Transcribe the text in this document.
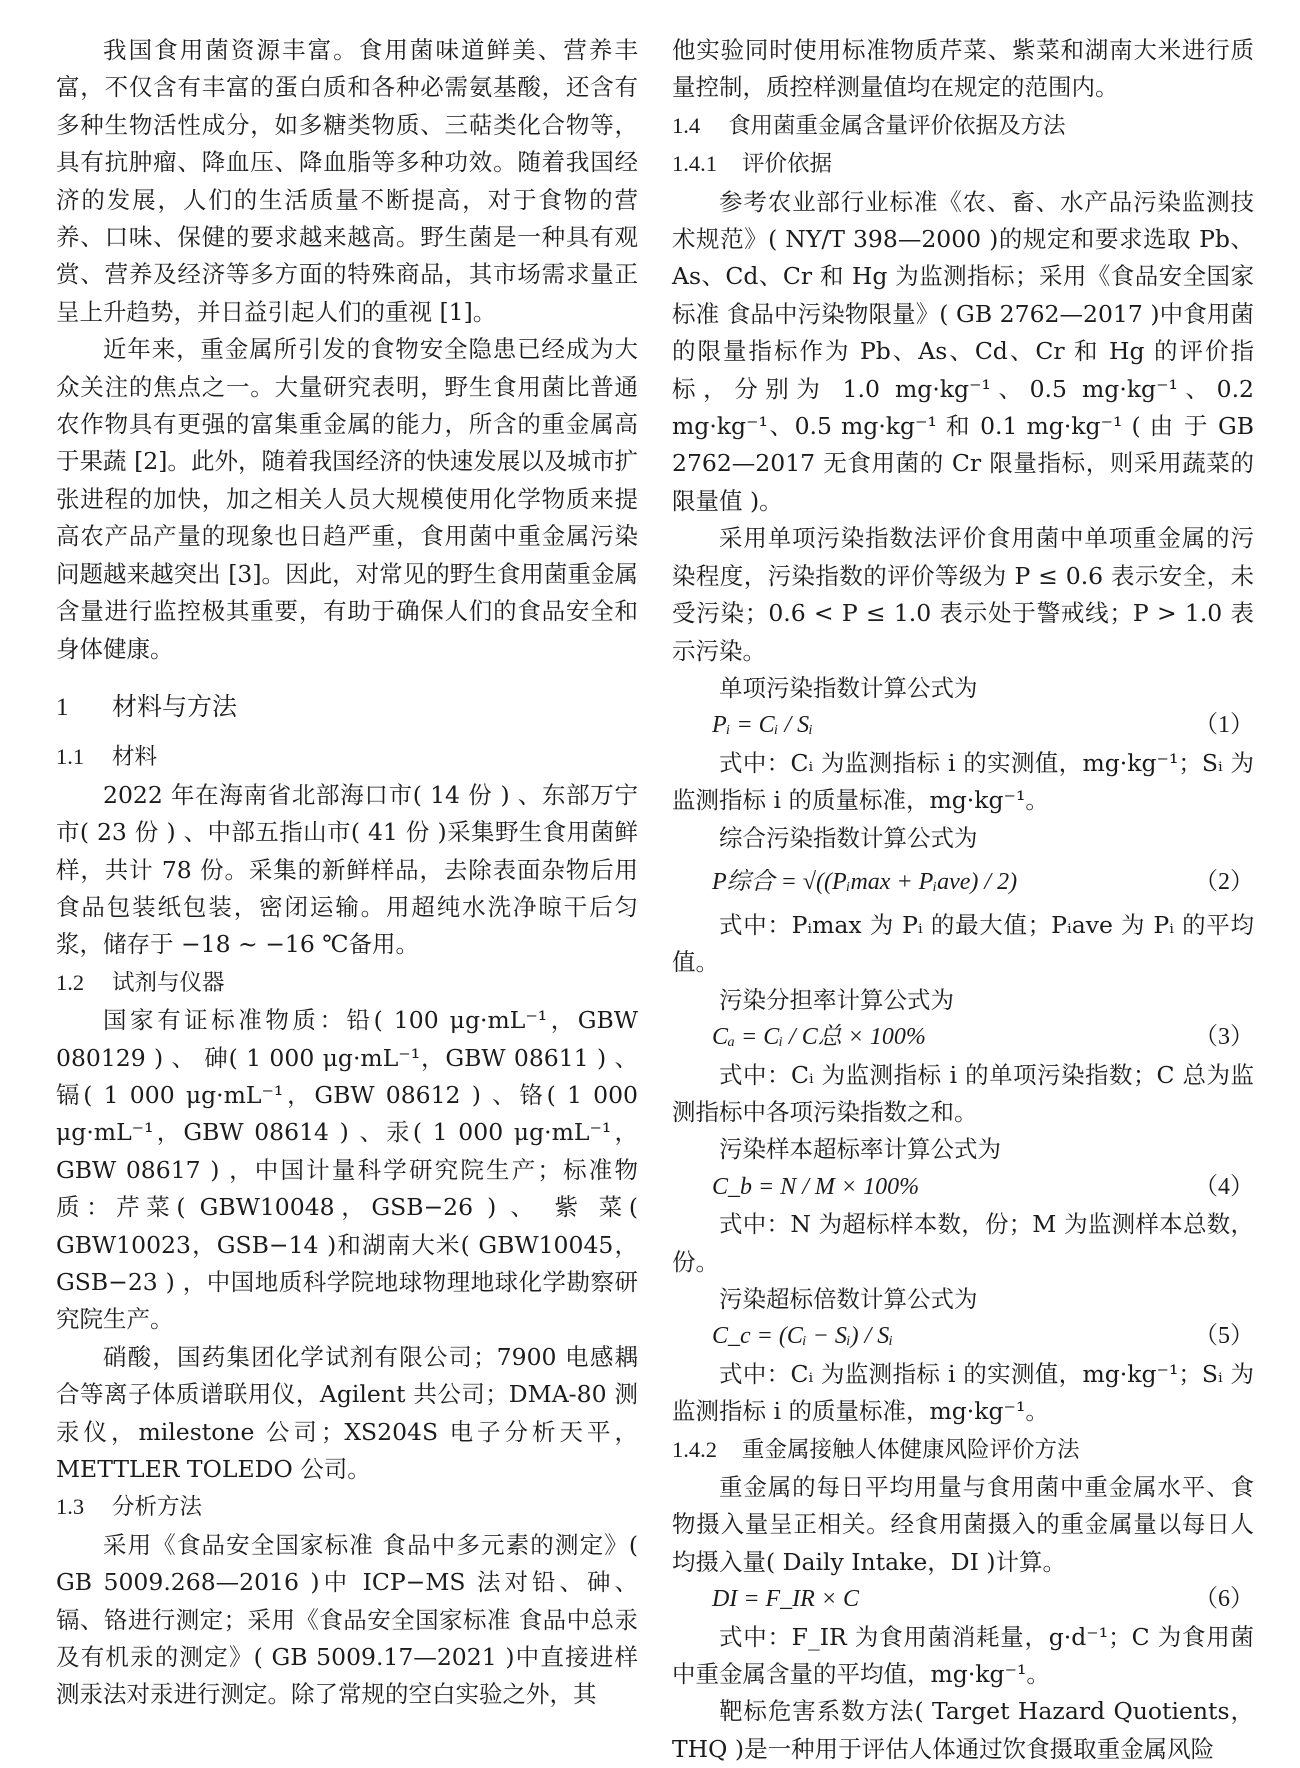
我国食用菌资源丰富。食用菌味道鲜美、营养丰富，不仅含有丰富的蛋白质和各种必需氨基酸，还含有多种生物活性成分，如多糖类物质、三萜类化合物等，具有抗肿瘤、降血压、降血脂等多种功效。随着我国经济的发展，人们的生活质量不断提高，对于食物的营养、口味、保健的要求越来越高。野生菌是一种具有观赏、营养及经济等多方面的特殊商品，其市场需求量正呈上升趋势，并日益引起人们的重视 [1]。

近年来，重金属所引发的食物安全隐患已经成为大众关注的焦点之一。大量研究表明，野生食用菌比普通农作物具有更强的富集重金属的能力，所含的重金属高于果蔬 [2]。此外，随着我国经济的快速发展以及城市扩张进程的加快，加之相关人员大规模使用化学物质来提高农产品产量的现象也日趋严重，食用菌中重金属污染问题越来越突出 [3]。因此，对常见的野生食用菌重金属含量进行监控极其重要，有助于确保人们的食品安全和身体健康。

1 材料与方法
1.1 材料

2022 年在海南省北部海口市( 14 份 ) 、东部万宁市( 23 份 ) 、中部五指山市( 41 份 )采集野生食用菌鲜样，共计 78 份。采集的新鲜样品，去除表面杂物后用食品包装纸包装，密闭运输。用超纯水洗净晾干后匀浆，储存于 −18 ~ −16 ℃备用。

1.2 试剂与仪器

国家有证标准物质：铅( 100 μg·mL⁻¹，GBW 080129 ) 、 砷( 1 000 μg·mL⁻¹，GBW 08611 ) 、 镉( 1 000 μg·mL⁻¹，GBW 08612 ) 、铬( 1 000 μg·mL⁻¹，GBW 08614 ) 、汞( 1 000 μg·mL⁻¹，GBW 08617 ) ，中国计量科学研究院生产；标准物质：芹菜( GBW10048，GSB−26 ) 、 紫 菜( GBW10023，GSB−14 )和湖南大米( GBW10045，GSB−23 ) ，中国地质科学院地球物理地球化学勘察研究院生产。

硝酸，国药集团化学试剂有限公司；7900 电感耦合等离子体质谱联用仪，Agilent 共公司；DMA-80 测汞仪，milestone 公司；XS204S 电子分析天平，METTLER TOLEDO 公司。

1.3 分析方法

采用《食品安全国家标准 食品中多元素的测定》( GB 5009.268—2016 )中 ICP−MS 法对铅、砷、镉、铬进行测定；采用《食品安全国家标准 食品中总汞及有机汞的测定》( GB 5009.17—2021 )中直接进样测汞法对汞进行测定。除了常规的空白实验之外，其

他实验同时使用标准物质芹菜、紫菜和湖南大米进行质量控制，质控样测量值均在规定的范围内。

1.4 食用菌重金属含量评价依据及方法
1.4.1 评价依据

参考农业部行业标准《农、畜、水产品污染监测技术规范》( NY/T 398—2000 )的规定和要求选取 Pb、As、Cd、Cr 和 Hg 为监测指标；采用《食品安全国家标准 食品中污染物限量》( GB 2762—2017 )中食用菌的限量指标作为 Pb、As、Cd、Cr 和 Hg 的评价指标，分别为 1.0 mg·kg⁻¹、0.5 mg·kg⁻¹、0.2 mg·kg⁻¹、0.5 mg·kg⁻¹ 和 0.1 mg·kg⁻¹ ( 由 于 GB 2762—2017 无食用菌的 Cr 限量指标，则采用蔬菜的限量值 )。

采用单项污染指数法评价食用菌中单项重金属的污染程度，污染指数的评价等级为 P ≤ 0.6 表示安全，未受污染；0.6 < P ≤ 1.0 表示处于警戒线；P > 1.0 表示污染。

单项污染指数计算公式为

Pᵢ = Cᵢ / Sᵢ	（1）

式中：Cᵢ 为监测指标 i 的实测值，mg·kg⁻¹；Sᵢ 为监测指标 i 的质量标准，mg·kg⁻¹。

综合污染指数计算公式为

P综合 = √((Pᵢmax + Pᵢave) / 2)	（2）

式中：Pᵢmax 为 Pᵢ 的最大值；Pᵢave 为 Pᵢ 的平均值。

污染分担率计算公式为

Cₐ = Cᵢ / C总 × 100%	（3）

式中：Cᵢ 为监测指标 i 的单项污染指数；C 总为监测指标中各项污染指数之和。

污染样本超标率计算公式为

C_b = N / M × 100%	（4）

式中：N 为超标样本数，份；M 为监测样本总数，份。

污染超标倍数计算公式为

C_c = (Cᵢ − Sᵢ) / Sᵢ	（5）

式中：Cᵢ 为监测指标 i 的实测值，mg·kg⁻¹；Sᵢ 为监测指标 i 的质量标准，mg·kg⁻¹。

1.4.2 重金属接触人体健康风险评价方法

重金属的每日平均用量与食用菌中重金属水平、食物摄入量呈正相关。经食用菌摄入的重金属量以每日人均摄入量( Daily Intake，DI )计算。

DI = F_IR × C	（6）

式中：F_IR 为食用菌消耗量，g·d⁻¹；C 为食用菌中重金属含量的平均值，mg·kg⁻¹。

靶标危害系数方法( Target Hazard Quotients，THQ )是一种用于评估人体通过饮食摄取重金属风险
